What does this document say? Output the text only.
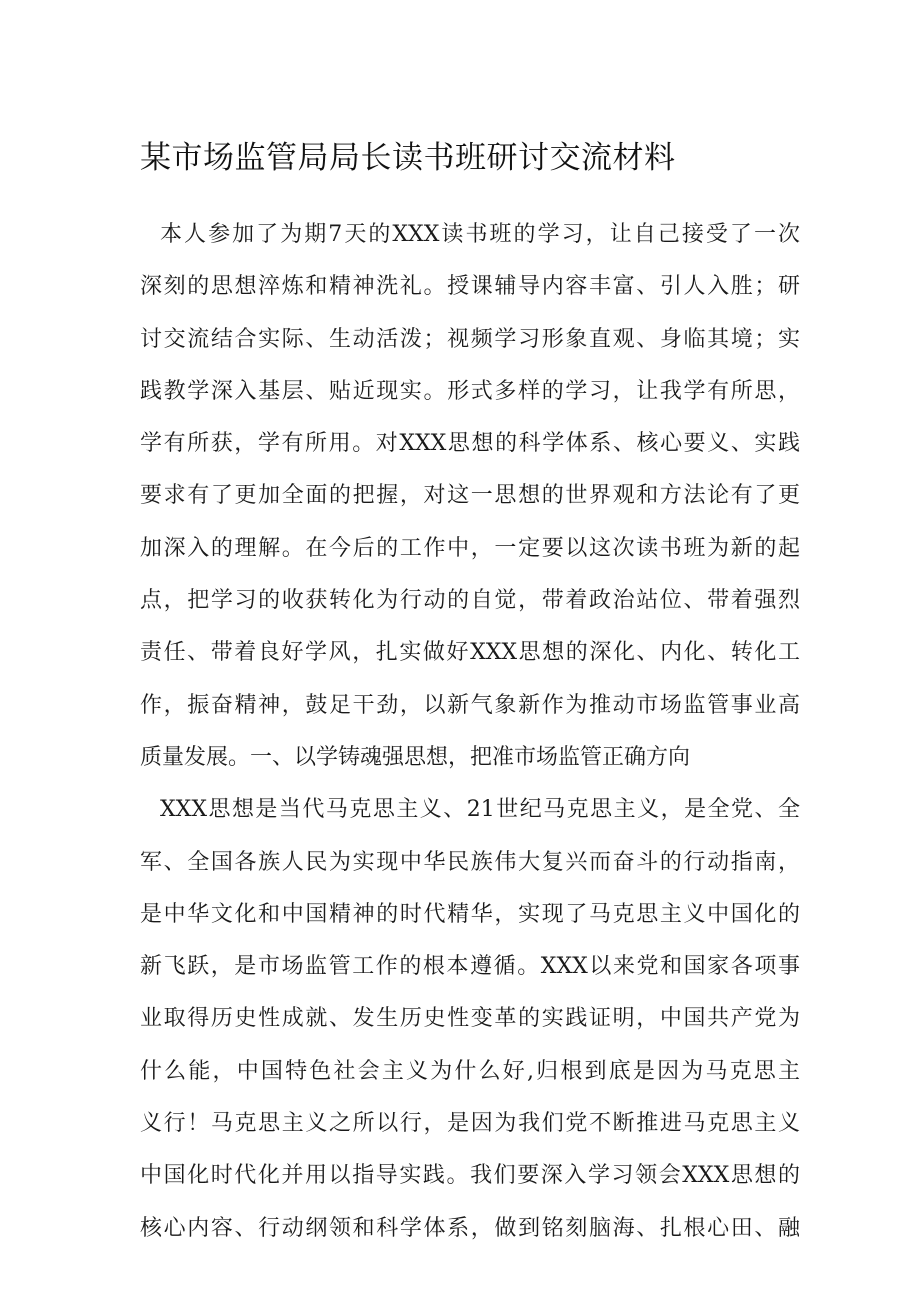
某市场监管局局长读书班研讨交流材料
本人参加了为期7天的XXX读书班的学习，让自己接受了一次
深刻的思想淬炼和精神洗礼。授课辅导内容丰富、引人入胜；研
讨交流结合实际、生动活泼；视频学习形象直观、身临其境；实
践教学深入基层、贴近现实。形式多样的学习，让我学有所思，
学有所获，学有所用。对XXX思想的科学体系、核心要义、实践
要求有了更加全面的把握，对这一思想的世界观和方法论有了更
加深入的理解。在今后的工作中，一定要以这次读书班为新的起
点，把学习的收获转化为行动的自觉，带着政治站位、带着强烈
责任、带着良好学风，扎实做好XXX思想的深化、内化、转化工
作，振奋精神，鼓足干劲，以新气象新作为推动市场监管事业高
质量发展。一、以学铸魂强思想，把准市场监管正确方向
XXX思想是当代马克思主义、21世纪马克思主义，是全党、全
军、全国各族人民为实现中华民族伟大复兴而奋斗的行动指南，
是中华文化和中国精神的时代精华，实现了马克思主义中国化的
新飞跃，是市场监管工作的根本遵循。XXX以来党和国家各项事
业取得历史性成就、发生历史性变革的实践证明，中国共产党为
什么能，中国特色社会主义为什么好,归根到底是因为马克思主
义行！马克思主义之所以行，是因为我们党不断推进马克思主义
中国化时代化并用以指导实践。我们要深入学习领会XXX思想的
核心内容、行动纲领和科学体系，做到铭刻脑海、扎根心田、融
